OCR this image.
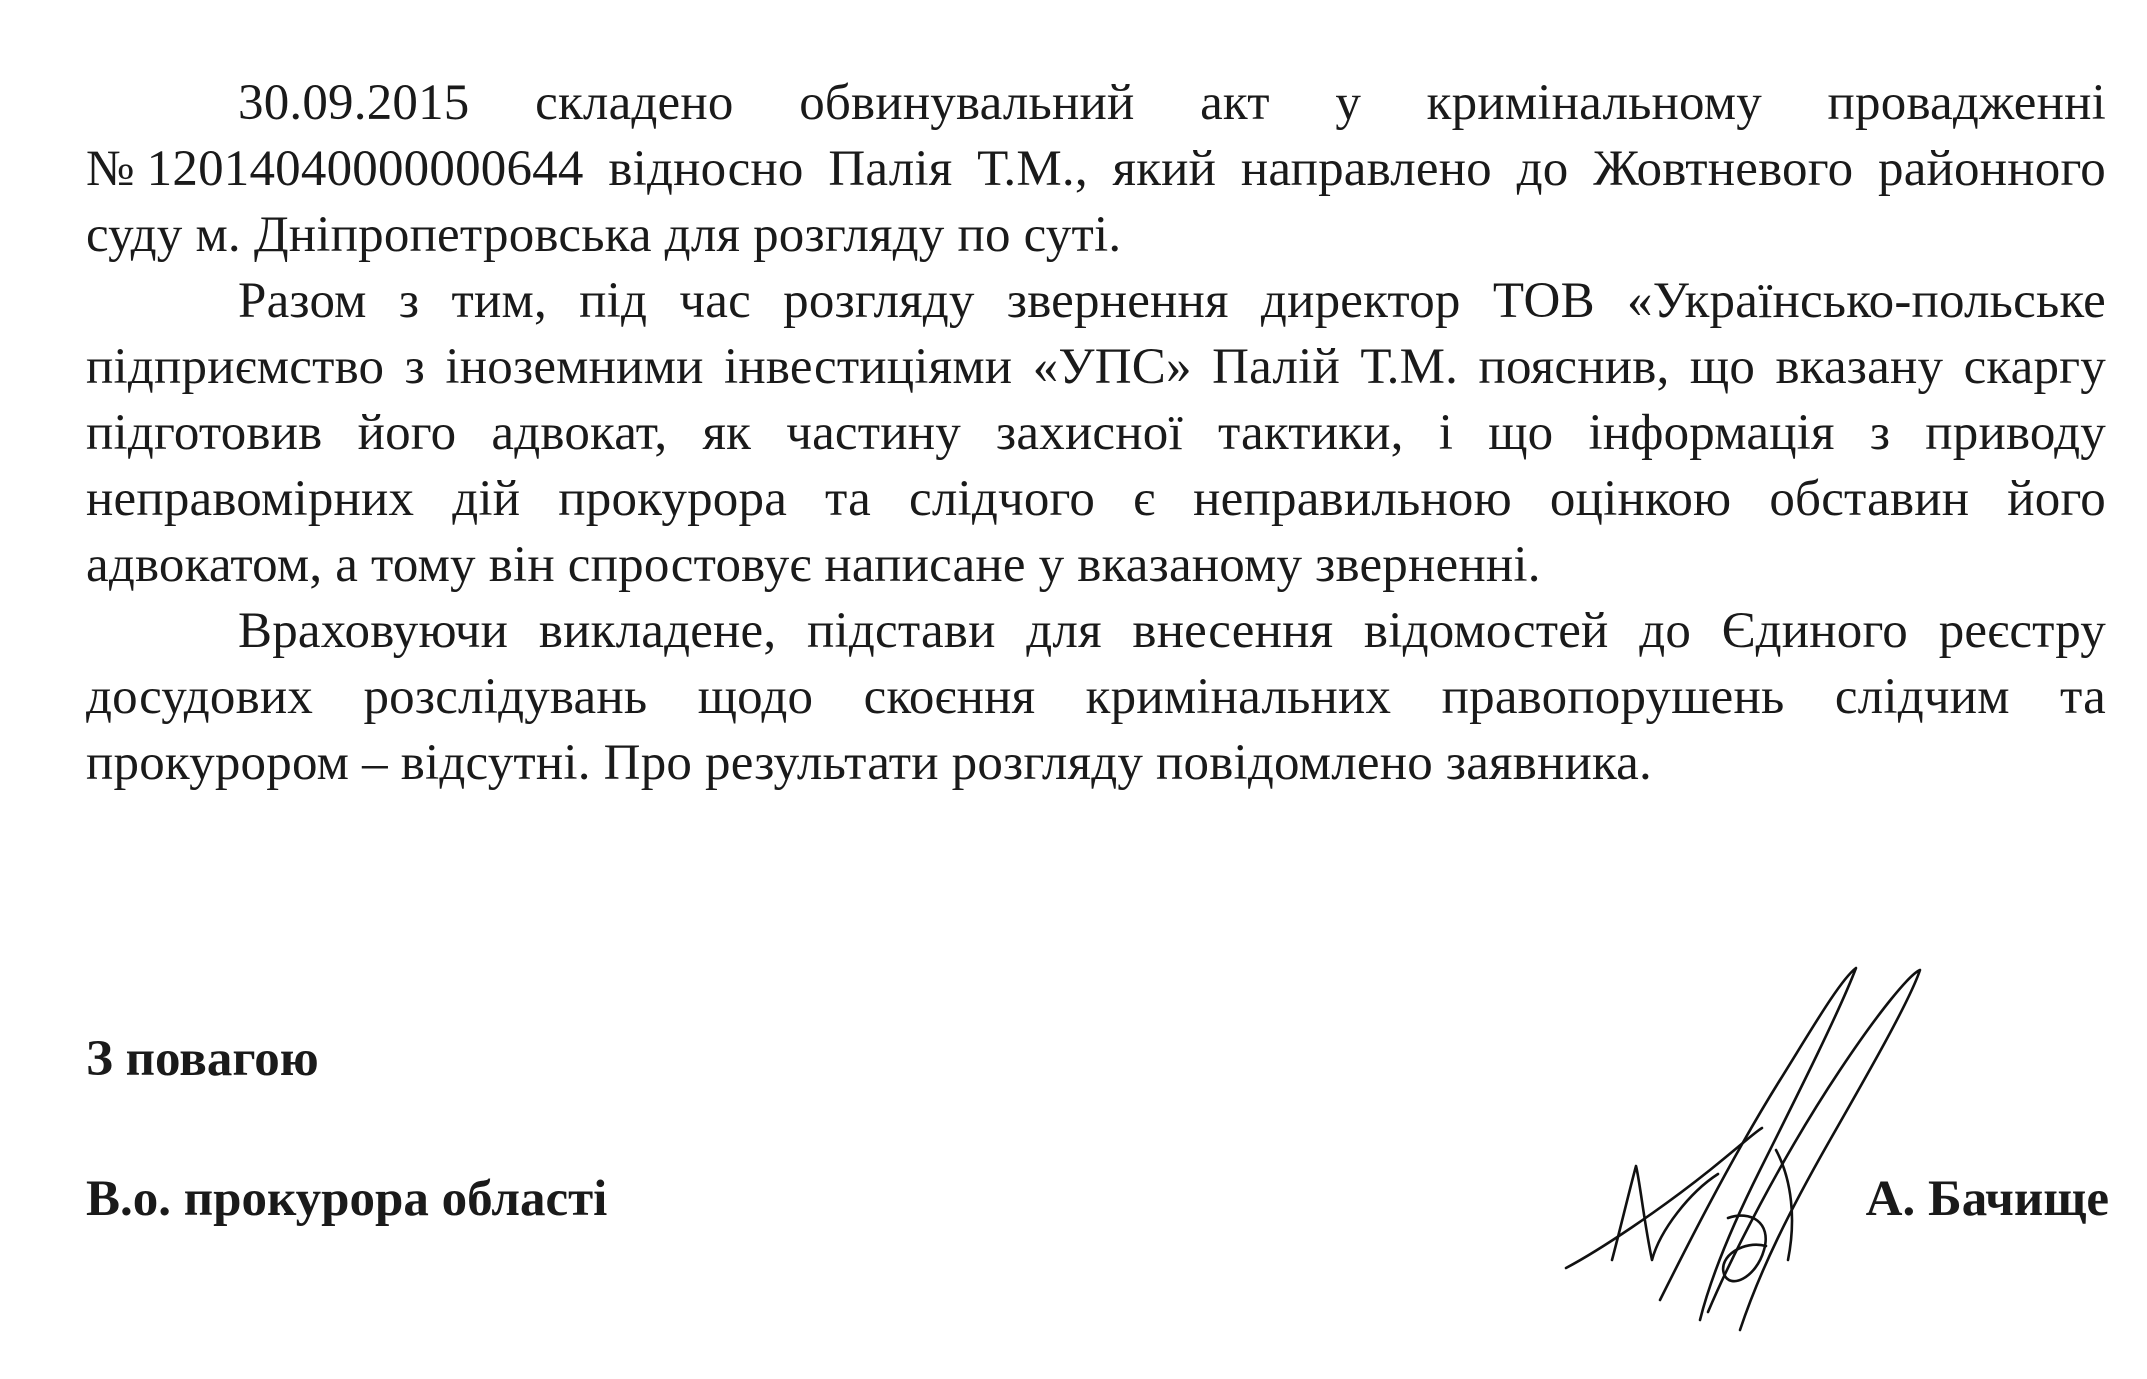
30.09.2015 складено обвинувальний акт у кримінальному провадженні №12014040000000644 відносно Палія Т.М., який направлено до Жовтневого районного суду м. Дніпропетровська для розгляду по суті.

Разом з тим, під час розгляду звернення директор ТОВ «Українсько-польське підприємство з іноземними інвестиціями «УПС» Палій Т.М. пояснив, що вказану скаргу підготовив його адвокат, як частину захисної тактики, і що інформація з приводу неправомірних дій прокурора та слідчого є неправильною оцінкою обставин його адвокатом, а тому він спростовує написане у вказаному зверненні.

Враховуючи викладене, підстави для внесення відомостей до Єдиного реєстру досудових розслідувань щодо скоєння кримінальних правопорушень слідчим та прокурором – відсутні. Про результати розгляду повідомлено заявника.

З повагою

В.о. прокурора області	А. Бачище
